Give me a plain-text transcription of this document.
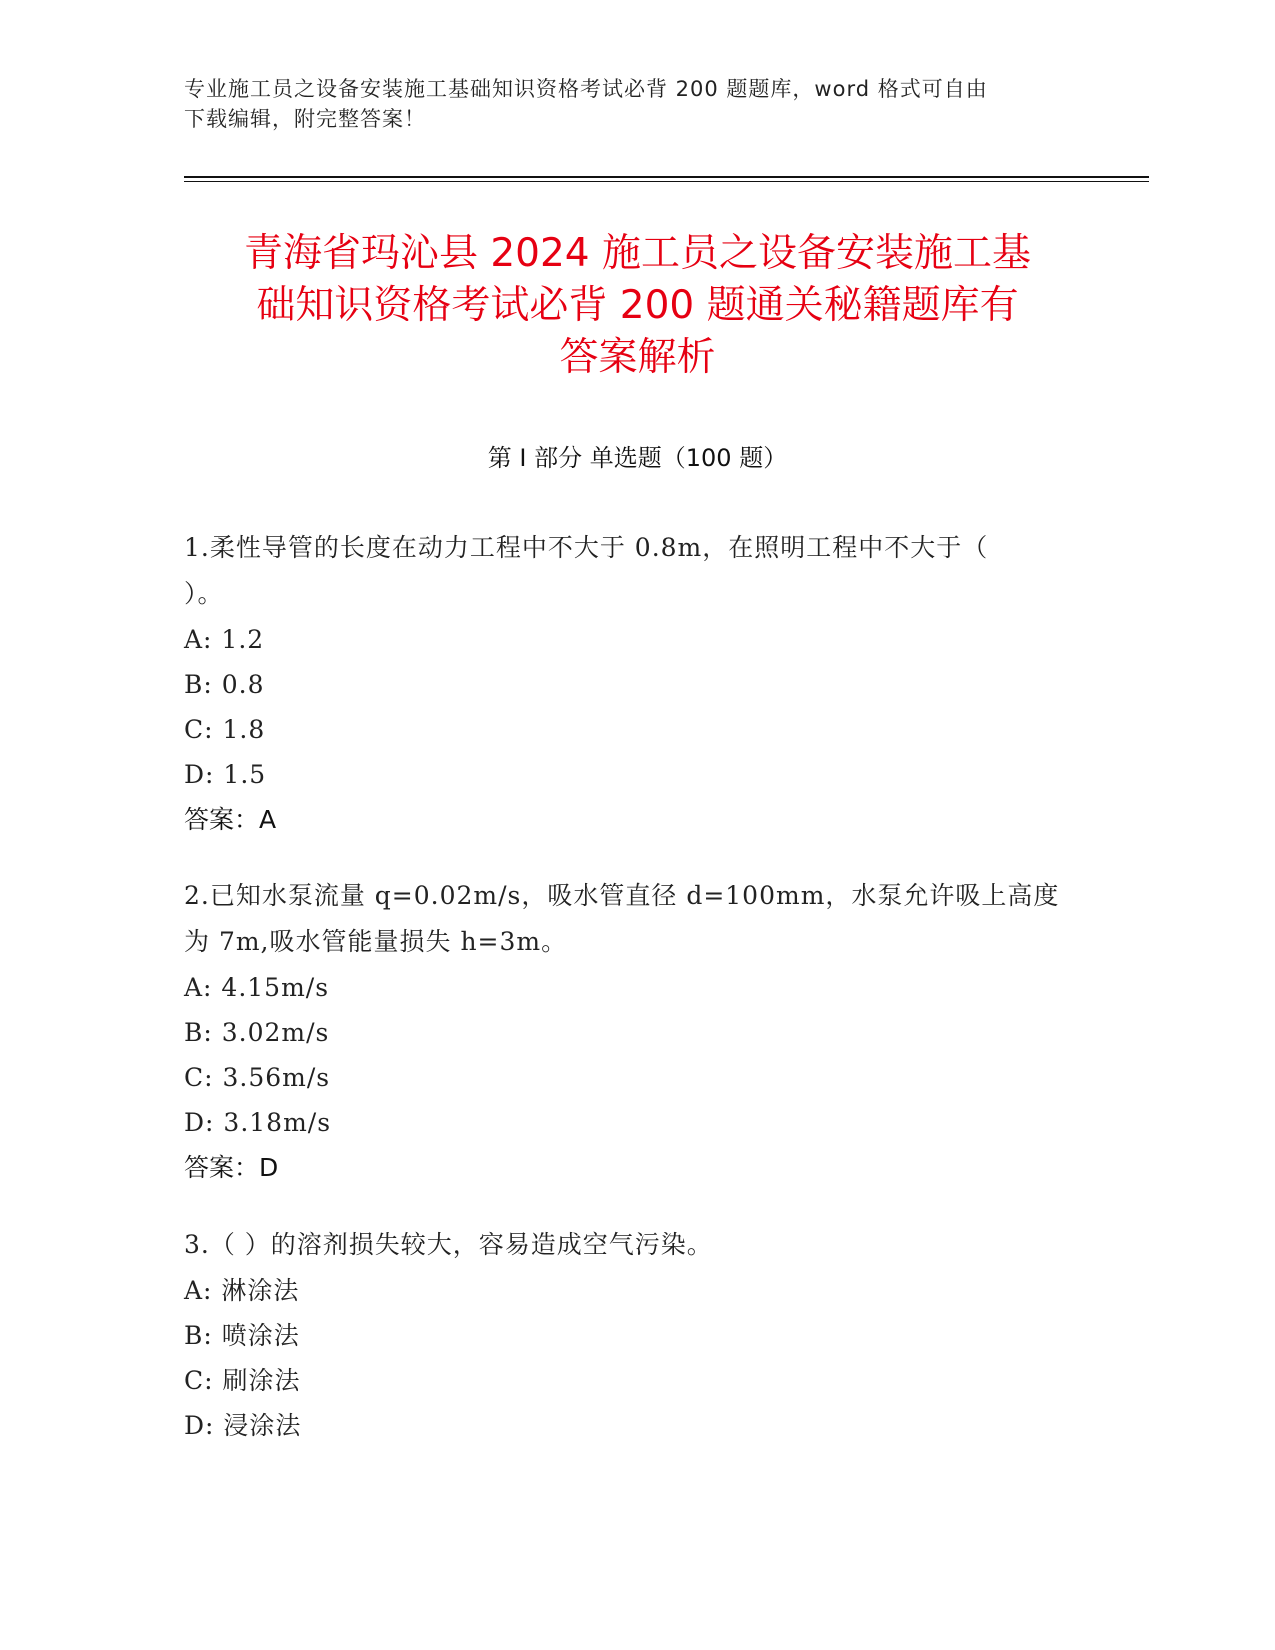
专业施工员之设备安装施工基础知识资格考试必背 200 题题库，word 格式可自由
下载编辑，附完整答案！
青海省玛沁县 2024 施工员之设备安装施工基
础知识资格考试必背 200 题通关秘籍题库有
答案解析
第 I 部分 单选题（100 题）
1.柔性导管的长度在动力工程中不大于 0.8m，在照明工程中不大于（
）。
A: 1.2
B: 0.8
C: 1.8
D: 1.5
答案：A
2.已知水泵流量 q=0.02m/s，吸水管直径 d=100mm，水泵允许吸上高度
为 7m,吸水管能量损失 h=3m。
A: 4.15m/s
B: 3.02m/s
C: 3.56m/s
D: 3.18m/s
答案：D
3.（ ）的溶剂损失较大，容易造成空气污染。
A: 淋涂法
B: 喷涂法
C: 刷涂法
D: 浸涂法
